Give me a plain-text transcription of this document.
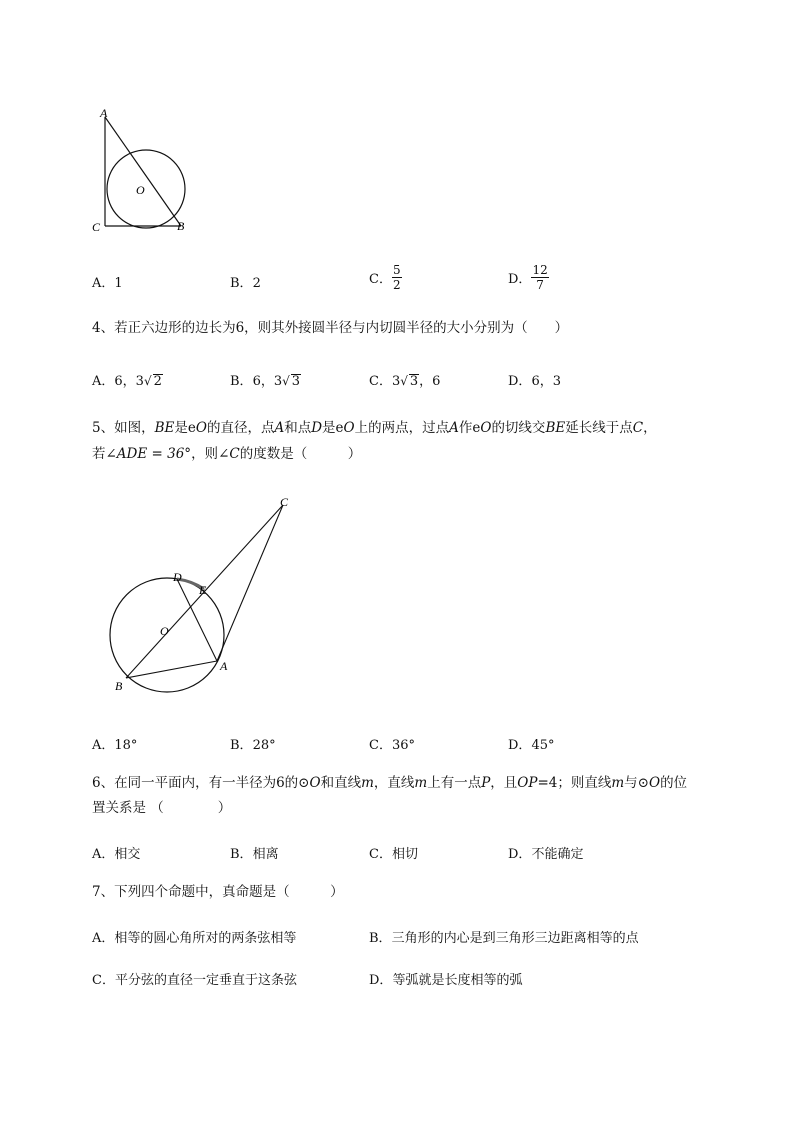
A
O
C	B
A．1	B．2	C． $\frac{5}{2}$	D． $\frac{12}{7}$
4、若正六边形的边长为6，则其外接圆半径与内切圆半径的大小分别为（　　）
A．6，3√ 2	B．6，3√ 3	C．3√ 3，6	D．6，3
5、如图，BE是eO的直径，点A和点D是eO上的两点，过点A作eO的切线交BE延长线于点C，
若∠ADE = 36°，则∠C的度数是（　　　）
C
D
E
O
A
B
A．18°	B．28°	C．36°	D．45°
6、在同一平面内，有一半径为6的⊙O和直线m，直线m上有一点P，且OP=4；则直线m与⊙O的位
置关系是 （　　　　）
A．相交	B．相离	C．相切	D．不能确定
7、下列四个命题中，真命题是（　　　）
A．相等的圆心角所对的两条弦相等	B．三角形的内心是到三角形三边距离相等的点
C．平分弦的直径一定垂直于这条弦	D．等弧就是长度相等的弧
